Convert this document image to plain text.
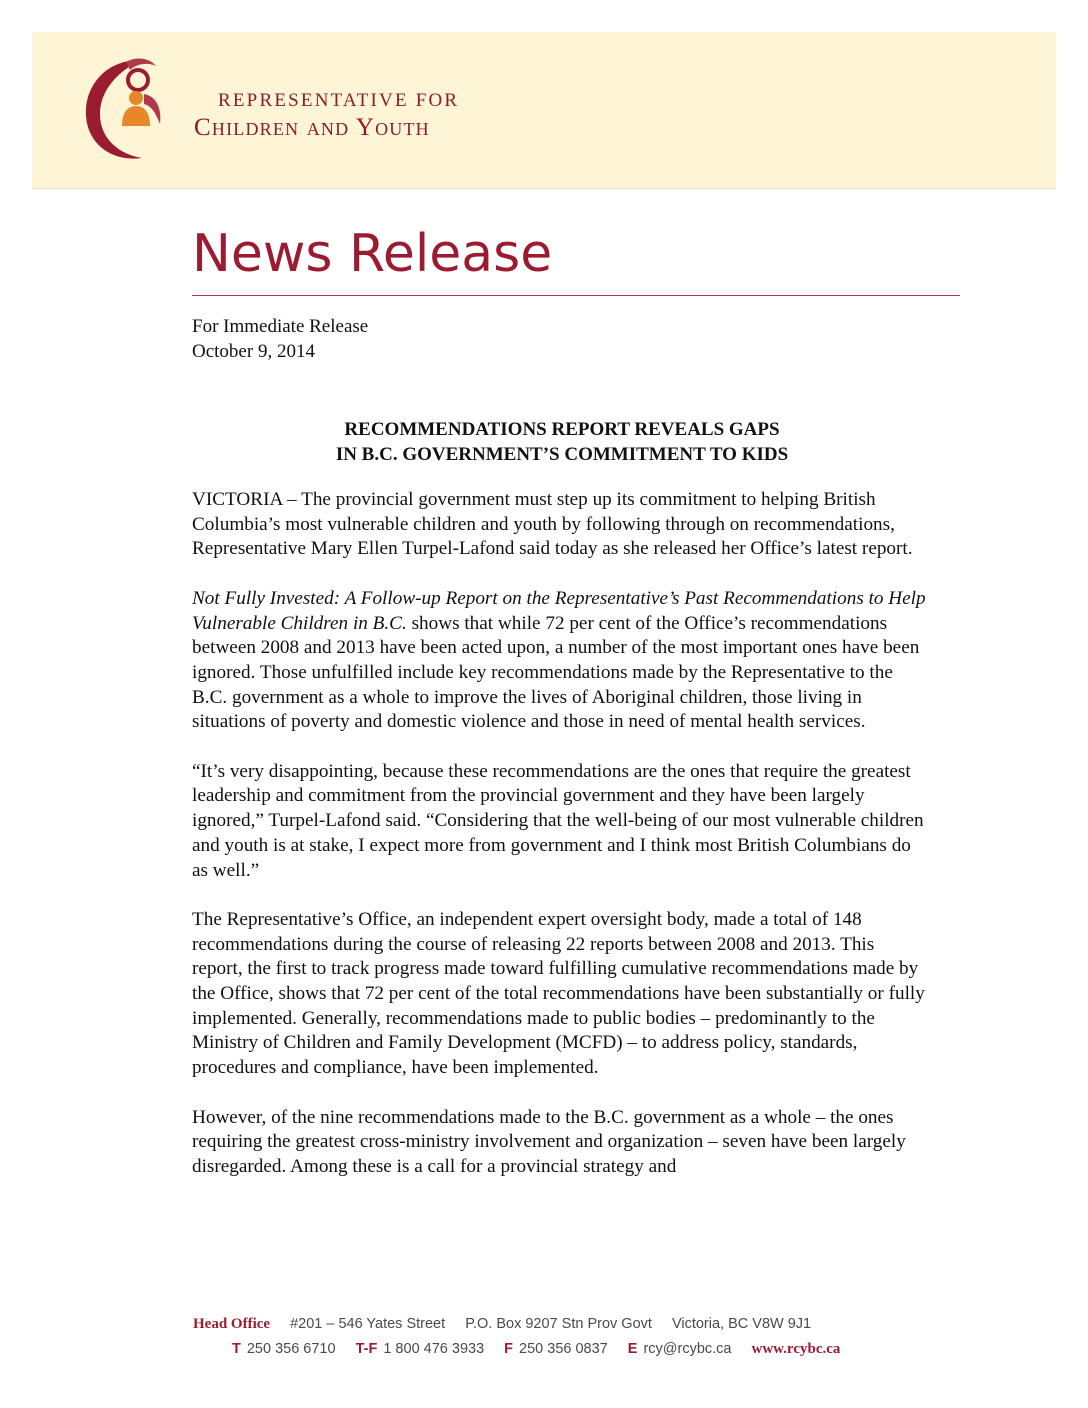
REPRESENTATIVE FOR
Children and Youth
News Release
For Immediate Release
October 9, 2014
RECOMMENDATIONS REPORT REVEALS GAPS
IN B.C. GOVERNMENT’S COMMITMENT TO KIDS

VICTORIA – The provincial government must step up its commitment to helping British Columbia’s most vulnerable children and youth by following through on recommendations, Representative Mary Ellen Turpel-Lafond said today as she released her Office’s latest report.

Not Fully Invested: A Follow-up Report on the Representative’s Past Recommendations to Help Vulnerable Children in B.C. shows that while 72 per cent of the Office’s recommendations between 2008 and 2013 have been acted upon, a number of the most important ones have been ignored. Those unfulfilled include key recommendations made by the Representative to the B.C. government as a whole to improve the lives of Aboriginal children, those living in situations of poverty and domestic violence and those in need of mental health services.

“It’s very disappointing, because these recommendations are the ones that require the greatest leadership and commitment from the provincial government and they have been largely ignored,” Turpel-Lafond said. “Considering that the well-being of our most vulnerable children and youth is at stake, I expect more from government and I think most British Columbians do as well.”

The Representative’s Office, an independent expert oversight body, made a total of 148 recommendations during the course of releasing 22 reports between 2008 and 2013. This report, the first to track progress made toward fulfilling cumulative recommendations made by the Office, shows that 72 per cent of the total recommendations have been substantially or fully implemented. Generally, recommendations made to public bodies – predominantly to the Ministry of Children and Family Development (MCFD) – to address policy, standards, procedures and compliance, have been implemented.

However, of the nine recommendations made to the B.C. government as a whole – the ones requiring the greatest cross-ministry involvement and organization – seven have been largely disregarded. Among these is a call for a provincial strategy and

Head Office #201 – 546 Yates Street P.O. Box 9207 Stn Prov Govt Victoria, BC V8W 9J1
T 250 356 6710 T-F 1 800 476 3933 F 250 356 0837 E rcy@rcybc.ca www.rcybc.ca
